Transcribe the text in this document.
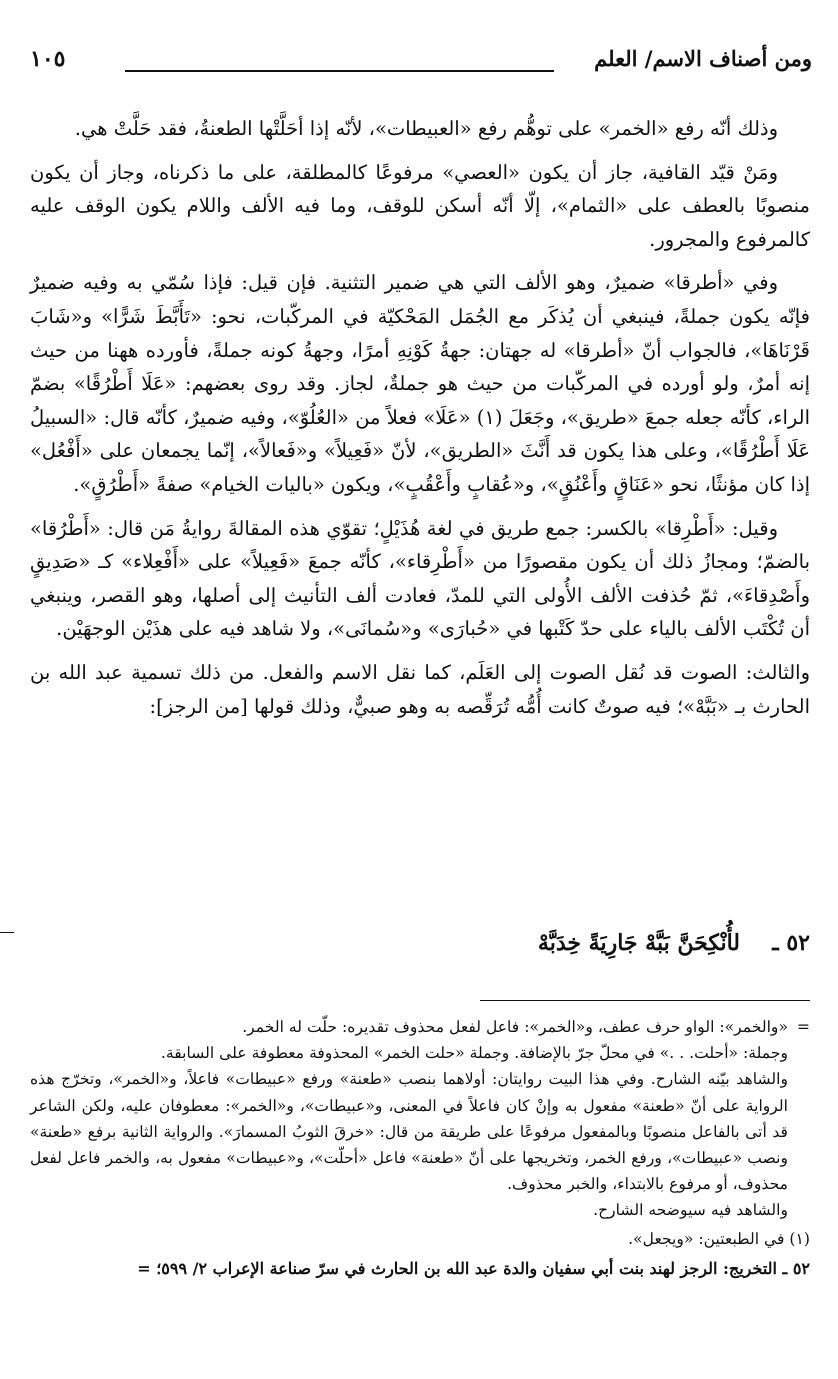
ومن أصناف الاسم/ العلم
١٠٥

وذلك أنّه رفع «الخمر» على توهُّم رفع «العبيطات»، لأنّه إذا أحَلَّتْها الطعنةُ، فقد حَلَّتْ هي.

ومَنْ قيّد القافية، جاز أن يكون «العصي» مرفوعًا كالمطلقة، على ما ذكرناه، وجاز أن يكون منصوبًا بالعطف على «الثمام»، إلّا أنّه أسكن للوقف، وما فيه الألف واللام يكون الوقف عليه كالمرفوع والمجرور.

وفي «أطرقا» ضميرٌ، وهو الألف التي هي ضمير التثنية. فإن قيل: فإذا سُمّي به وفيه ضميرٌ فإنّه يكون جملةً، فينبغي أن يُذكَر مع الجُمَل المَحْكيّة في المركّبات، نحو: «تَأَبَّطَ شَرًّا» و«شَابَ قَرْنَاهَا»، فالجواب أنّ «أطرقا» له جهتان: جهةُ كَوْنِهِ أمرًا، وجهةُ كونه جملةً، فأورده ههنا من حيث إنه أمرٌ، ولو أورده في المركّبات من حيث هو جملةٌ، لجاز. وقد روى بعضهم: «عَلَا أَطْرُقًا» بضمّ الراء، كأنّه جعله جمعَ «طريق»، وجَعَلَ (١) «عَلَا» فعلاً من «العُلُوّ»، وفيه ضميرٌ، كأنّه قال: «السبيلُ عَلَا أَطْرُقًا»، وعلى هذا يكون قد أَنَّثَ «الطريق»، لأنّ «فَعِيلاً» و«فَعالاً»، إنّما يجمعان على «أَفْعُل» إذا كان مؤنثًا، نحو «عَنَاقٍ وأَعْنُقٍ»، و«عُقابٍ وأَعْقُبٍ»، ويكون «باليات الخيام» صفةً «أَطْرُقٍ».

وقيل: «أَطْرِقا» بالكسر: جمع طريق في لغة هُذَيْلٍ؛ تقوّي هذه المقالةَ روايةُ مَن قال: «أَطْرُقا» بالضمّ؛ ومجازُ ذلك أن يكون مقصورًا من «أَطْرِقاء»، كأنّه جمعَ «فَعِيلاً» على «أَفْعِلاء» كـ «صَدِيقٍ وأَصْدِقاءَ»، ثمّ حُذفت الألف الأُولى التي للمدّ، فعادت ألف التأنيث إلى أصلها، وهو القصر، وينبغي أن تُكْتَب الألف بالياء على حدّ كَتْبها في «حُبارَى» و«سُمانَى»، ولا شاهد فيه على هذَيْن الوجهَيْن.

والثالث: الصوت قد نُقل الصوت إلى العَلَم، كما نقل الاسم والفعل. من ذلك تسمية عبد الله بن الحارث بـ «بَبَّهْ»؛ فيه صوتٌ كانت أُمُّه تُرَقِّصه به وهو صبيٌّ، وذلك قولها [من الرجز]:

٥٢ ـ
لأُنْكِحَنَّ بَبَّهْ جَارِيَةً خِدَبَّهْ
=

«والخمر»: الواو حرف عطف، و«الخمر»: فاعل لفعل محذوف تقديره: حلّت له الخمر.

وجملة: «أحلت. . .» في محلّ جرّ بالإضافة. وجملة «حلت الخمر» المحذوفة معطوفة على السابقة.

والشاهد بيّنه الشارح. وفي هذا البيت روايتان: أولاهما بنصب «طعنة» ورفع «عبيطات» فاعلاً، و«الخمر»، وتخرّج هذه الرواية على أنّ «طعنة» مفعول به وإنْ كان فاعلاً في المعنى، و«عبيطات»، و«الخمر»: معطوفان عليه، ولكن الشاعر قد أتى بالفاعل منصوبًا وبالمفعول مرفوعًا على طريقة من قال: «خرقَ الثوبُ المسمارَ». والرواية الثانية برفع «طعنة» ونصب «عبيطات»، ورفع الخمر، وتخريجها على أنّ «طعنة» فاعل «أحلّت»، و«عبيطات» مفعول به، والخمر فاعل لفعل محذوف، أو مرفوع بالابتداء، والخبر محذوف.

والشاهد فيه سيوضحه الشارح.

(١) في الطبعتين: «ويجعل».

٥٢ ـ التخريج: الرجز لهند بنت أبي سفيان والدة عبد الله بن الحارث في سرّ صناعة الإعراب ٢/ ٥٩٩؛ =
